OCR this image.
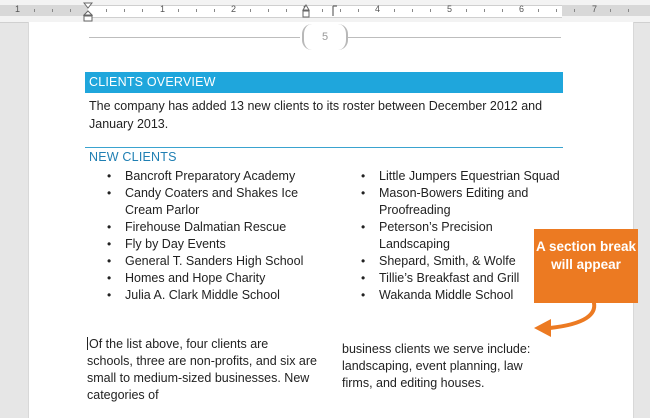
1	1	2	4	5	6	7
5
CLIENTS OVERVIEW
The company has added 13 new clients to its roster between December 2012 and January 2013.
NEW CLIENTS
• Bancroft Preparatory Academy
• Candy Coaters and Shakes Ice Cream Parlor
• Firehouse Dalmatian Rescue
• Fly by Day Events
• General T. Sanders High School
• Homes and Hope Charity
• Julia A. Clark Middle School
• Little Jumpers Equestrian Squad
• Mason-Bowers Editing and Proofreading
• Peterson’s Precision Landscaping
• Shepard, Smith, & Wolfe
• Tillie’s Breakfast and Grill
• Wakanda Middle School
Of the list above, four clients are schools, three are non-profits, and six are small to medium-sized businesses. New categories of
business clients we serve include: landscaping, event planning, law firms, and editing houses.
A section break will appear
